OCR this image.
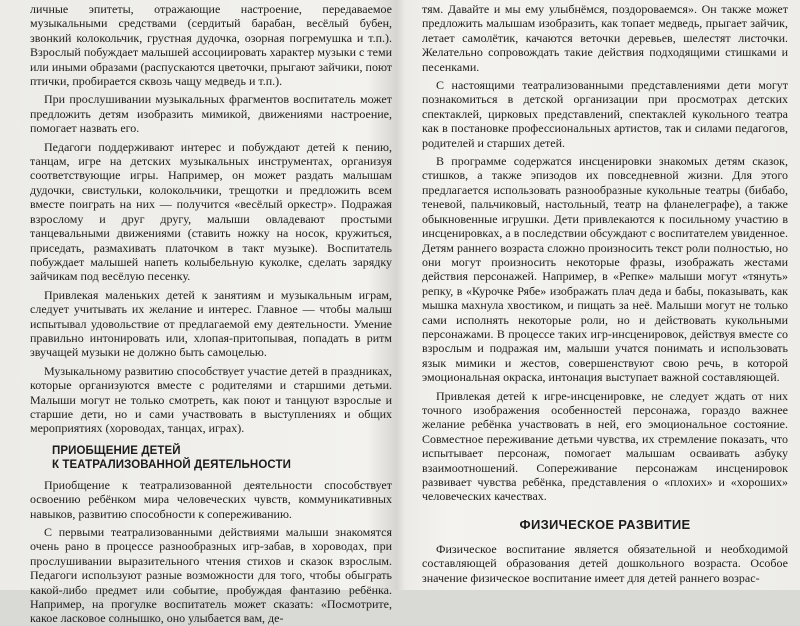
личные эпитеты, отражающие настроение, передаваемое музыкальными средствами (сердитый барабан, весёлый бубен, звонкий колокольчик, грустная дудочка, озорная погремушка и т.п.). Взрослый побуждает малышей ассоциировать характер музыки с теми или иными образами (распускаются цветочки, прыгают зайчики, поют птички, пробирается сквозь чащу медведь и т.п.).

При прослушивании музыкальных фрагментов воспитатель может предложить детям изобразить мимикой, движениями настроение, помогает назвать его.

Педагоги поддерживают интерес и побуждают детей к пению, танцам, игре на детских музыкальных инструментах, организуя соответствующие игры. Например, он может раздать малышам дудочки, свистульки, колокольчики, трещотки и предложить всем вместе поиграть на них — получится «весёлый оркестр». Подражая взрослому и друг другу, малыши овладевают простыми танцевальными движениями (ставить ножку на носок, кружиться, приседать, размахивать платочком в такт музыке). Воспитатель побуждает малышей напеть колыбельную куколке, сделать зарядку зайчикам под весёлую песенку.

Привлекая маленьких детей к занятиям и музыкальным играм, следует учитывать их желание и интерес. Главное — чтобы малыш испытывал удовольствие от предлагаемой ему деятельности. Умение правильно интонировать или, хлопая-притопывая, попадать в ритм звучащей музыки не должно быть самоцелью.

Музыкальному развитию способствует участие детей в праздниках, которые организуются вместе с родителями и старшими детьми. Малыши могут не только смотреть, как поют и танцуют взрослые и старшие дети, но и сами участвовать в выступлениях и общих мероприятиях (хороводах, танцах, играх).

ПРИОБЩЕНИЕ ДЕТЕЙ
К ТЕАТРАЛИЗОВАННОЙ ДЕЯТЕЛЬНОСТИ

Приобщение к театрализованной деятельности способствует освоению ребёнком мира человеческих чувств, коммуникативных навыков, развитию способности к сопереживанию.

С первыми театрализованными действиями малыши знакомятся очень рано в процессе разнообразных игр-забав, в хороводах, при прослушивании выразительного чтения стихов и сказок взрослым. Педагоги используют разные возможности для того, чтобы обыграть какой-либо предмет или событие, пробуждая фантазию ребёнка. Например, на прогулке воспитатель может сказать: «Посмотрите, какое ласковое солнышко, оно улыбается вам, де-

тям. Давайте и мы ему улыбнёмся, поздороваемся». Он также может предложить малышам изобразить, как топает медведь, прыгает зайчик, летает самолётик, качаются веточки деревьев, шелестят листочки. Желательно сопровождать такие действия подходящими стишками и песенками.

С настоящими театрализованными представлениями дети могут познакомиться в детской организации при просмотрах детских спектаклей, цирковых представлений, спектаклей кукольного театра как в постановке профессиональных артистов, так и силами педагогов, родителей и старших детей.

В программе содержатся инсценировки знакомых детям сказок, стишков, а также эпизодов их повседневной жизни. Для этого предлагается использовать разнообразные кукольные театры (бибабо, теневой, пальчиковый, настольный, театр на фланелеграфе), а также обыкновенные игрушки. Дети привлекаются к посильному участию в инсценировках, а в последствии обсуждают с воспитателем увиденное. Детям раннего возраста сложно произносить текст роли полностью, но они могут произносить некоторые фразы, изображать жестами действия персонажей. Например, в «Репке» малыши могут «тянуть» репку, в «Курочке Рябе» изображать плач деда и бабы, показывать, как мышка махнула хвостиком, и пищать за неё. Малыши могут не только сами исполнять некоторые роли, но и действовать кукольными персонажами. В процессе таких игр-инсценировок, действуя вместе со взрослым и подражая им, малыши учатся понимать и использовать язык мимики и жестов, совершенствуют свою речь, в которой эмоциональная окраска, интонация выступает важной составляющей.

Привлекая детей к игре-инсценировке, не следует ждать от них точного изображения особенностей персонажа, гораздо важнее желание ребёнка участвовать в ней, его эмоциональное состояние. Совместное переживание детьми чувства, их стремление показать, что испытывает персонаж, помогает малышам осваивать азбуку взаимоотношений. Сопереживание персонажам инсценировок развивает чувства ребёнка, представления о «плохих» и «хороших» человеческих качествах.

ФИЗИЧЕСКОЕ РАЗВИТИЕ

Физическое воспитание является обязательной и необходимой составляющей образования детей дошкольного возраста. Особое значение физическое воспитание имеет для детей раннего возрас-
